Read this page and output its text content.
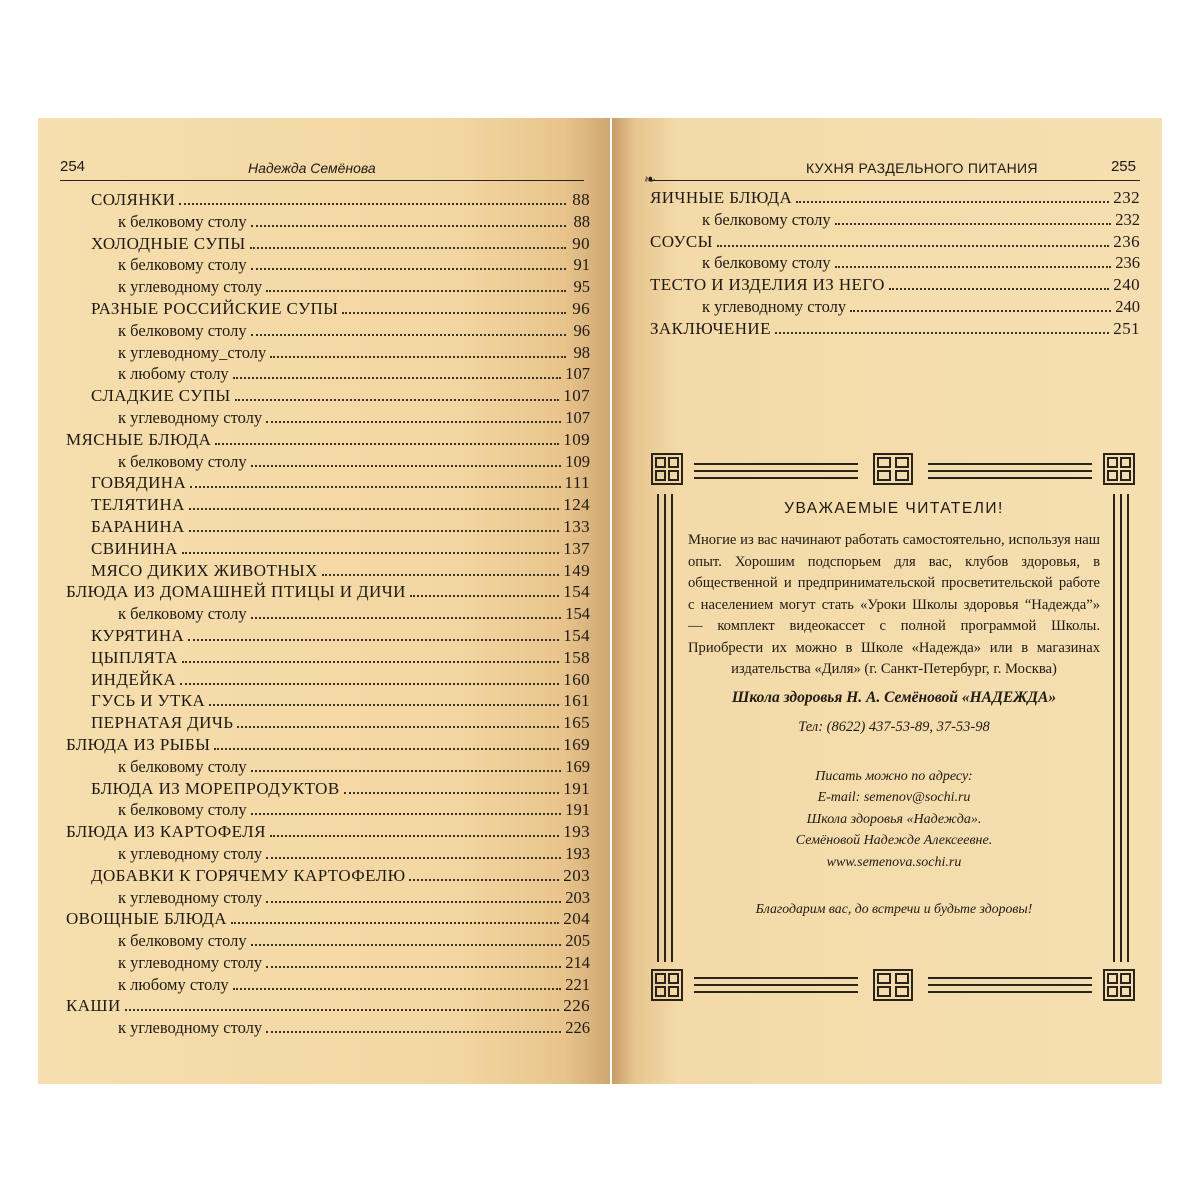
254	Надежда Семёнова
СОЛЯНКИ	88
к белковому столу	88
ХОЛОДНЫЕ СУПЫ	90
к белковому столу	91
к углеводному столу	95
РАЗНЫЕ РОССИЙСКИЕ СУПЫ	96
к белковому столу	96
к углеводному_столу	98
к любому столу	107
СЛАДКИЕ СУПЫ	107
к углеводному столу	107
МЯСНЫЕ БЛЮДА	109
к белковому столу	109
ГОВЯДИНА	111
ТЕЛЯТИНА	124
БАРАНИНА	133
СВИНИНА	137
МЯСО ДИКИХ ЖИВОТНЫХ	149
БЛЮДА ИЗ ДОМАШНЕЙ ПТИЦЫ И ДИЧИ	154
к белковому столу	154
КУРЯТИНА	154
ЦЫПЛЯТА	158
ИНДЕЙКА	160
ГУСЬ И УТКА	161
ПЕРНАТАЯ ДИЧЬ	165
БЛЮДА ИЗ РЫБЫ	169
к белковому столу	169
БЛЮДА ИЗ МОРЕПРОДУКТОВ	191
к белковому столу	191
БЛЮДА ИЗ КАРТОФЕЛЯ	193
к углеводному столу	193
ДОБАВКИ К ГОРЯЧЕМУ КАРТОФЕЛЮ	203
к углеводному столу	203
ОВОЩНЫЕ БЛЮДА	204
к белковому столу	205
к углеводному столу	214
к любому столу	221
КАШИ	226
к углеводному столу	226
❧
КУХНЯ РАЗДЕЛЬНОГО ПИТАНИЯ	255
ЯИЧНЫЕ БЛЮДА	232
к белковому столу	232
СОУСЫ	236
к белковому столу	236
ТЕСТО И ИЗДЕЛИЯ ИЗ НЕГО	240
к углеводному столу	240
ЗАКЛЮЧЕНИЕ	251
УВАЖАЕМЫЕ ЧИТАТЕЛИ!

Многие из вас начинают работать самостоятельно, используя наш опыт. Хорошим подспорьем для вас, клубов здоровья, в общественной и предпринимательской просветительской работе с населением могут стать «Уроки Школы здоровья “Надежда”» — комплект видеокассет с полной программой Школы. Приобрести их можно в Школе «Надежда» или в магазинах издательства «Диля» (г. Санкт-Петербург, г. Москва)

Школа здоровья Н. А. Семёновой «НАДЕЖДА»
Тел: (8622) 437-53-89, 37-53-98
Писать можно по адресу:
E-mail: semenov@sochi.ru
Школа здоровья «Надежда».
Семёновой Надежде Алексеевне.
www.semenova.sochi.ru
Благодарим вас, до встречи и будьте здоровы!
